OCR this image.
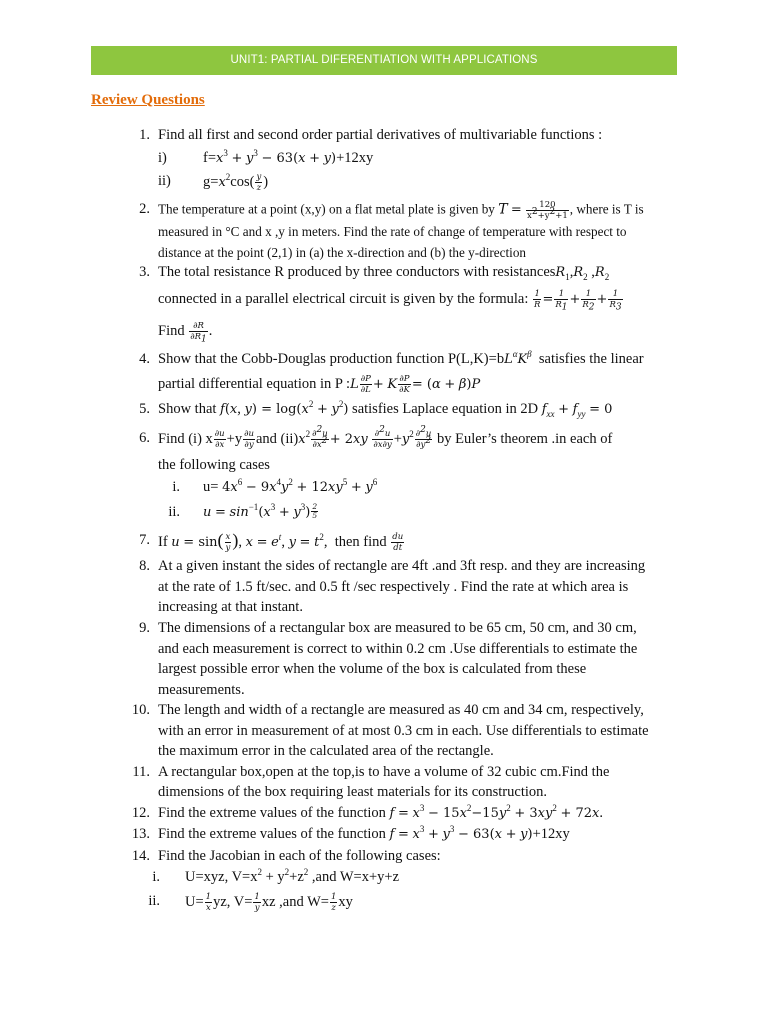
UNIT1: PARTIAL DIFERENTIATION WITH APPLICATIONS
Review Questions
1. Find all first and second order partial derivatives of multivariable functions :
i) $f=x^3 + y^3 - 63(x + y)+12xy$
ii) $g=x^2\cos( \frac{y}{z}$ )
2. The temperature at a point (x,y) on a flat metal plate is given by $T = \frac{120}{x^2+y^2+1}$ , where is T is
measured in °C and x ,y in meters. Find the rate of change of temperature with respect to
distance at the point (2,1) in (a) the x-direction and (b) the y-direction
3. The total resistance R produced by three conductors with $resistancesR_1,R_2$ $,R_2$
connected in a parallel electrical circuit is given by the formula: $\frac{1}{R} = \frac{1}{R_1} + \frac{1}{R_2} + \frac{1}{R_3}$
Find $\frac{\partial R}{\partial R_1}$ .
4. Show that the Cobb-Douglas production function $P(L,K)=bL^\alpha K^\beta$ satisfies the linear
partial differential equation in P :L $\frac{\partial P}{\partial L} + K \frac{\partial P}{\partial K} = (\alpha + \beta)P$
5. Show that f(x, $y) = \log(x^2 + y^2)$ satisfies Laplace equation in 2D $f_{xx} + f_{yy} = 0$
6. Find (i) x $\frac{\partial u}{\partial x} +y \frac{\partial u}{\partial y}$ and $(ii)x^2 \frac{\partial^2u}{\partial x^2} + 2xy \frac{\partial^2u}{\partial x\partial y} +y^2 \frac{\partial^2u}{\partial y^2}$ by Euler’s theorem .in each of
the following cases
i. $u= 4x^6 - 9x^4y^2 + 12xy^5 + y^6$
ii. $u = \sin^{-1}(x^3 + y^3) \frac{2}{5}$
7. If $u = \sin( \frac{x}{y}$ ), $x = e^t$, $y = t^2$,  then find $\frac{du}{dt}$
8. At a given instant the sides of rectangle are 4ft .and 3ft resp. and they are increasing
at the rate of 1.5 ft/sec. and 0.5 ft /sec respectively . Find the rate at which area is
increasing at that instant.
9. The dimensions of a rectangular box are measured to be 65 cm, 50 cm, and 30 cm,
and each measurement is correct to within 0.2 cm .Use differentials to estimate the
largest possible error when the volume of the box is calculated from these
measurements.
10. The length and width of a rectangle are measured as 40 cm and 34 cm, respectively,
with an error in measurement of at most 0.3 cm in each. Use differentials to estimate
the maximum error in the calculated area of the rectangle.
11. A rectangular box,open at the top,is to have a volume of 32 cubic cm.Find the
dimensions of the box requiring least materials for its construction.
12. Find the extreme values of the function $f = x^3 - 15x^2-15y^2 + 3xy^2 + 72x$.
13. Find the extreme values of the function $f = x^3 + y^3 - 63(x + y)+12xy$
14. Find the Jacobian in each of the following cases:
i. U=xyz, $V=x^2 + y^2+z^2$ ,and W=x+y+z
ii. $U= \frac{1}{x}$ yz, $V= \frac{1}{y}$ xz ,and $W= \frac{1}{z}$ xy
